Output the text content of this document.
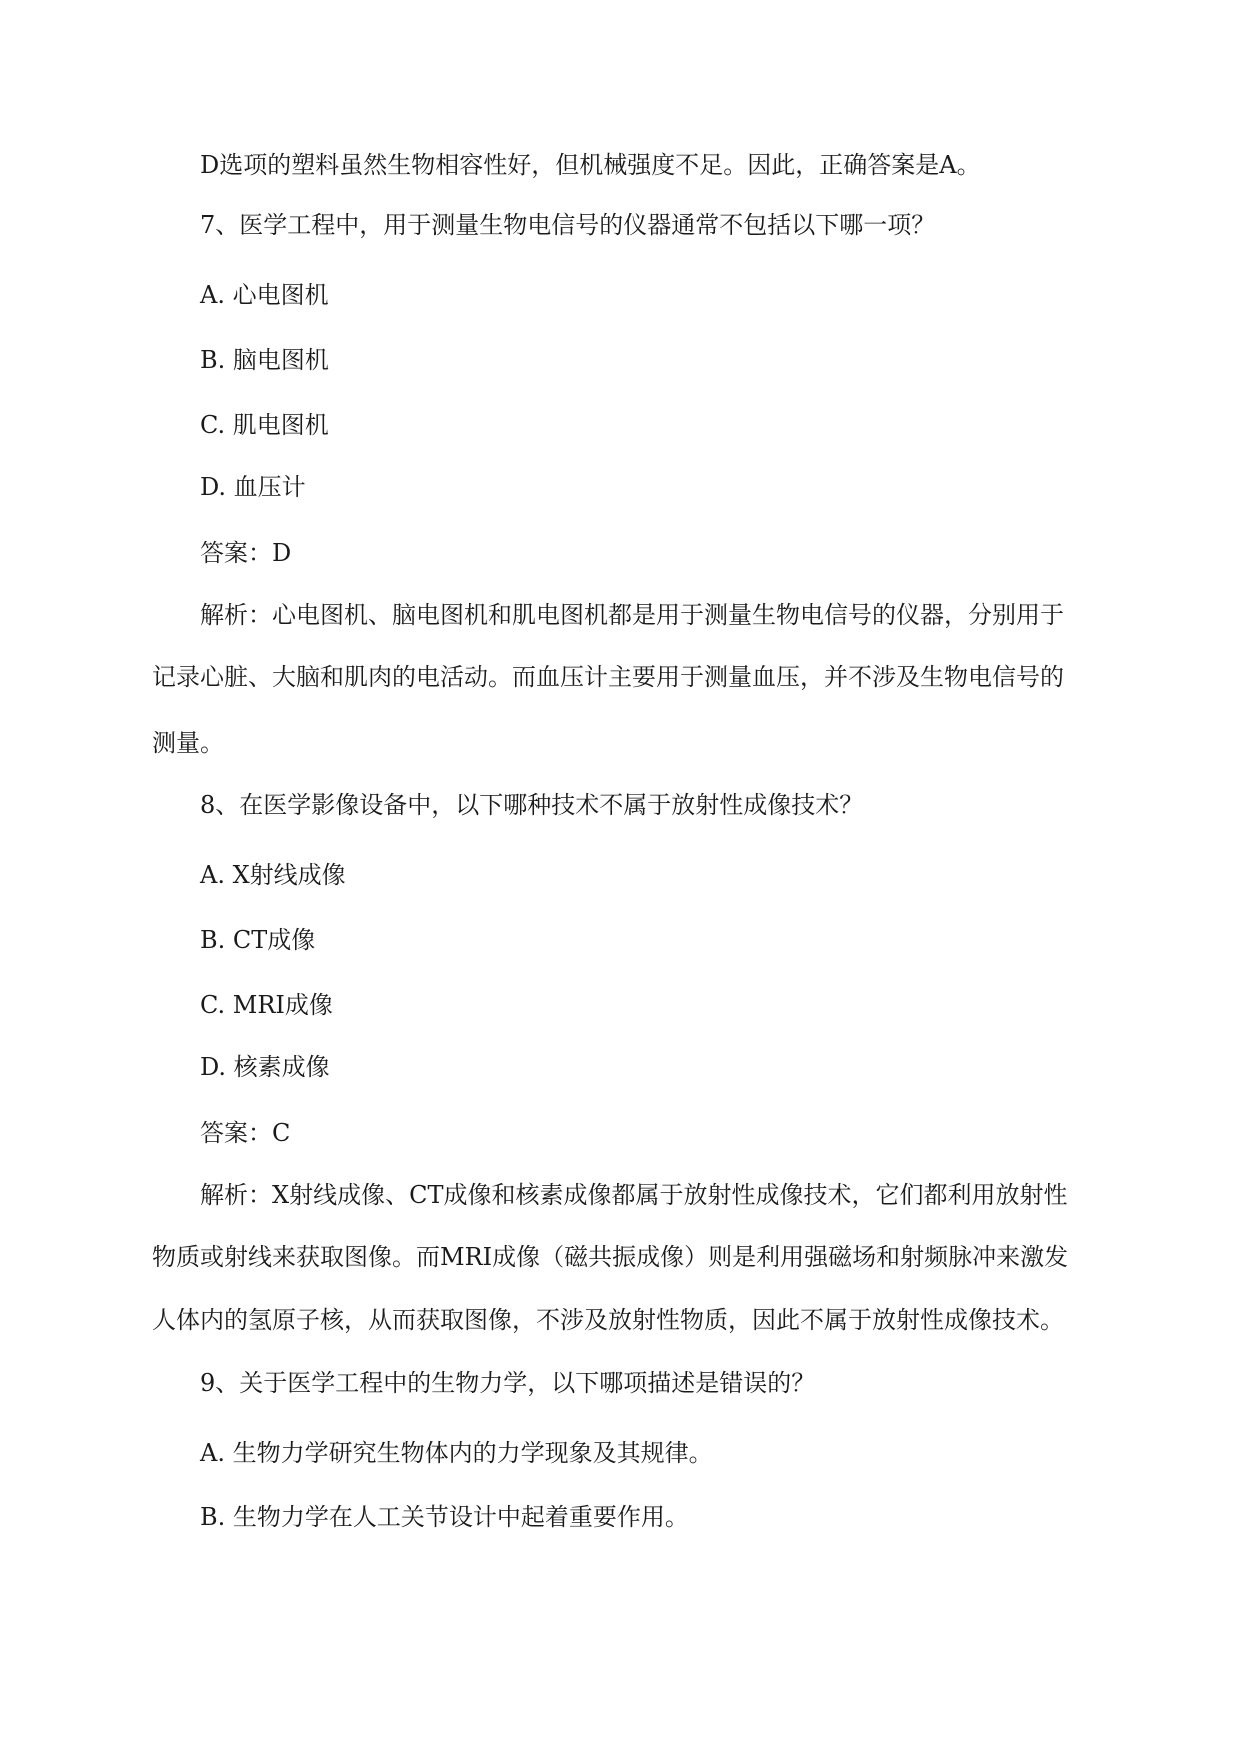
D选项的塑料虽然生物相容性好，但机械强度不足。因此，正确答案是A。
7、医学工程中，用于测量生物电信号的仪器通常不包括以下哪一项？
A. 心电图机
B. 脑电图机
C. 肌电图机
D. 血压计
答案：D
解析：心电图机、脑电图机和肌电图机都是用于测量生物电信号的仪器，分别用于
记录心脏、大脑和肌肉的电活动。而血压计主要用于测量血压，并不涉及生物电信号的
测量。
8、在医学影像设备中，以下哪种技术不属于放射性成像技术？
A. X射线成像
B. CT成像
C. MRI成像
D. 核素成像
答案：C
解析：X射线成像、CT成像和核素成像都属于放射性成像技术，它们都利用放射性
物质或射线来获取图像。而MRI成像（磁共振成像）则是利用强磁场和射频脉冲来激发
人体内的氢原子核，从而获取图像，不涉及放射性物质，因此不属于放射性成像技术。
9、关于医学工程中的生物力学，以下哪项描述是错误的？
A. 生物力学研究生物体内的力学现象及其规律。
B. 生物力学在人工关节设计中起着重要作用。
